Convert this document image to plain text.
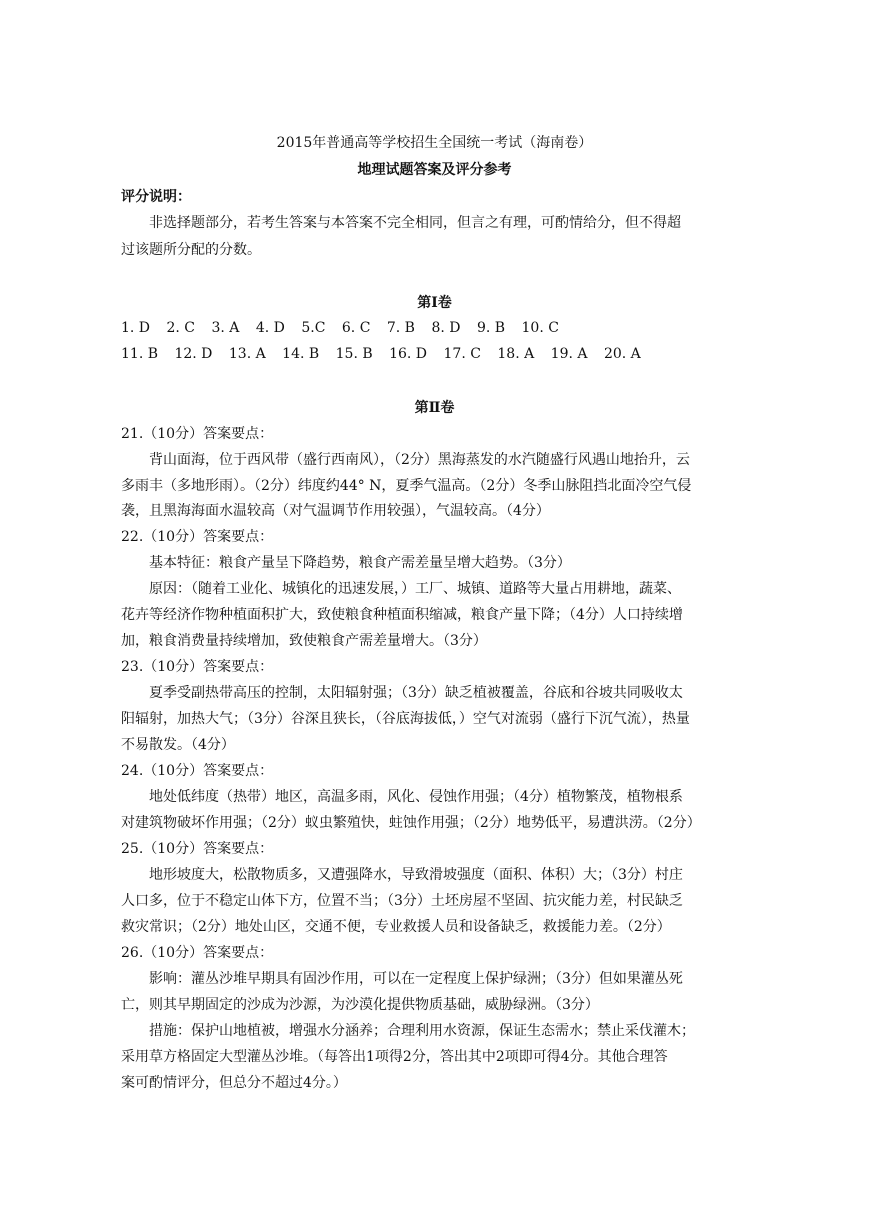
2015年普通高等学校招生全国统一考试（海南卷）
地理试题答案及评分参考
评分说明：
非选择题部分，若考生答案与本答案不完全相同，但言之有理，可酌情给分，但不得超
过该题所分配的分数。
第Ⅰ卷
1. D 2. C 3. A 4. D 5.C 6. C 7. B 8. D 9. B 10. C
11. B 12. D 13. A 14. B 15. B 16. D 17. C 18. A 19. A 20. A
第Ⅱ卷
21.（10分）答案要点：
背山面海，位于西风带（盛行西南风），（2分）黑海蒸发的水汽随盛行风遇山地抬升，云
多雨丰（多地形雨）。（2分）纬度约44° N，夏季气温高。（2分）冬季山脉阻挡北面冷空气侵
袭，且黑海海面水温较高（对气温调节作用较强），气温较高。（4分）
22.（10分）答案要点：
基本特征：粮食产量呈下降趋势，粮食产需差量呈增大趋势。（3分）
原因：（随着工业化、城镇化的迅速发展，）工厂、城镇、道路等大量占用耕地，蔬菜、
花卉等经济作物种植面积扩大，致使粮食种植面积缩减，粮食产量下降；（4分）人口持续增
加，粮食消费量持续增加，致使粮食产需差量增大。（3分）
23.（10分）答案要点：
夏季受副热带高压的控制，太阳辐射强；（3分）缺乏植被覆盖，谷底和谷坡共同吸收太
阳辐射，加热大气；（3分）谷深且狭长，（谷底海拔低，）空气对流弱（盛行下沉气流），热量
不易散发。（4分）
24.（10分）答案要点：
地处低纬度（热带）地区，高温多雨，风化、侵蚀作用强；（4分）植物繁茂，植物根系
对建筑物破坏作用强；（2分）蚁虫繁殖快，蛀蚀作用强；（2分）地势低平，易遭洪涝。（2分）
25.（10分）答案要点：
地形坡度大，松散物质多，又遭强降水，导致滑坡强度（面积、体积）大；（3分）村庄
人口多，位于不稳定山体下方，位置不当；（3分）土坯房屋不坚固、抗灾能力差，村民缺乏
救灾常识；（2分）地处山区，交通不便，专业救援人员和设备缺乏，救援能力差。（2分）
26.（10分）答案要点：
影响：灌丛沙堆早期具有固沙作用，可以在一定程度上保护绿洲；（3分）但如果灌丛死
亡，则其早期固定的沙成为沙源，为沙漠化提供物质基础，威胁绿洲。（3分）
措施：保护山地植被，增强水分涵养；合理利用水资源，保证生态需水；禁止采伐灌木；
采用草方格固定大型灌丛沙堆。（每答出1项得2分，答出其中2项即可得4分。其他合理答
案可酌情评分，但总分不超过4分。）
